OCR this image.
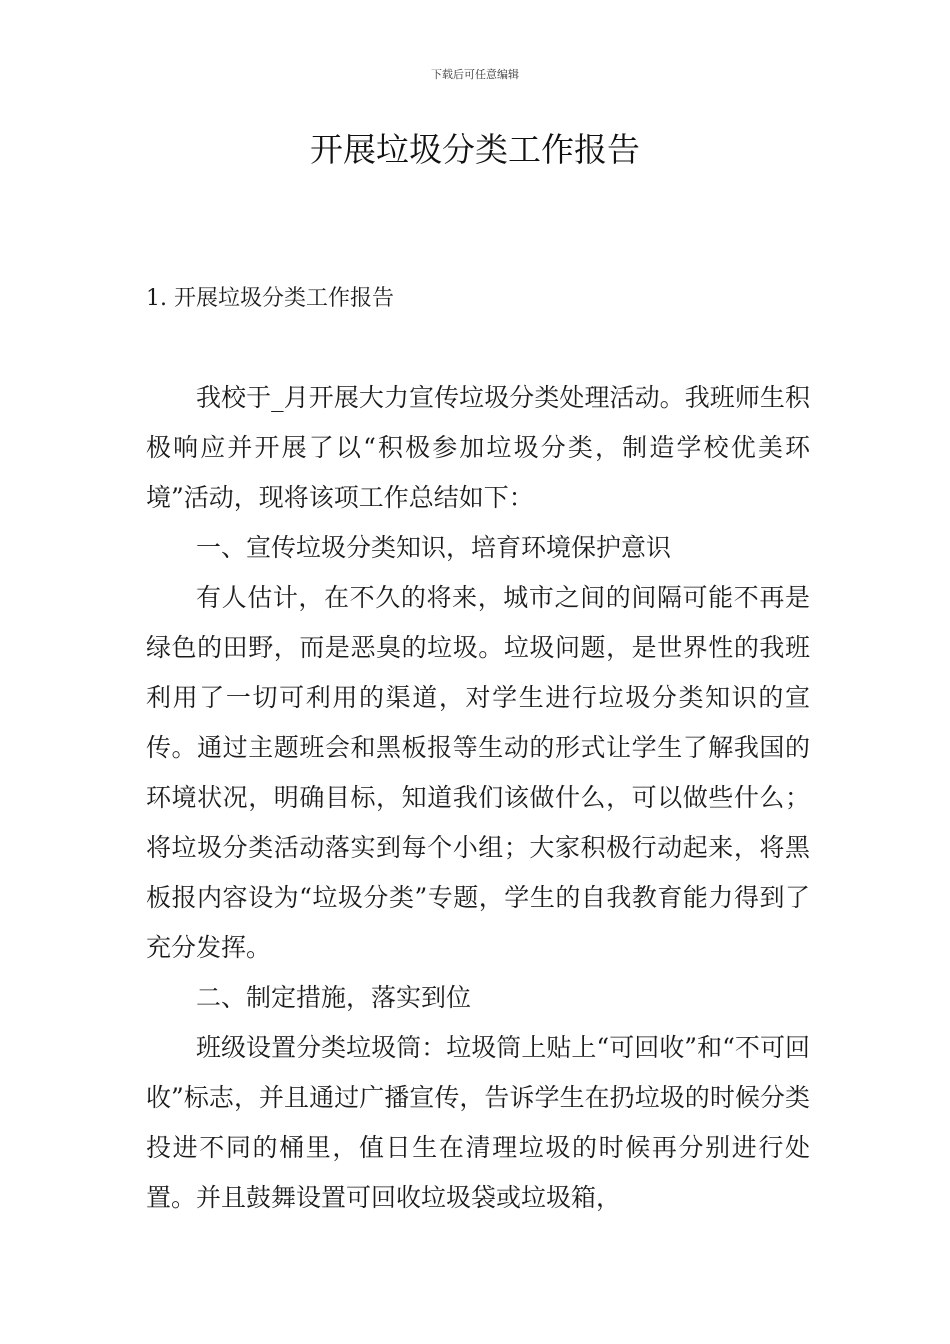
下载后可任意编辑
开展垃圾分类工作报告
1. 开展垃圾分类工作报告

我校于_月开展大力宣传垃圾分类处理活动。我班师生积极响应并开展了以“积极参加垃圾分类，制造学校优美环境”活动，现将该项工作总结如下：

一、宣传垃圾分类知识，培育环境保护意识

有人估计，在不久的将来，城市之间的间隔可能不再是绿色的田野，而是恶臭的垃圾。垃圾问题，是世界性的我班利用了一切可利用的渠道，对学生进行垃圾分类知识的宣传。通过主题班会和黑板报等生动的形式让学生了解我国的环境状况，明确目标，知道我们该做什么，可以做些什么；将垃圾分类活动落实到每个小组；大家积极行动起来，将黑板报内容设为“垃圾分类”专题，学生的自我教育能力得到了充分发挥。

二、制定措施，落实到位

班级设置分类垃圾筒：垃圾筒上贴上“可回收”和“不可回收”标志，并且通过广播宣传，告诉学生在扔垃圾的时候分类投进不同的桶里，值日生在清理垃圾的时候再分别进行处置。并且鼓舞设置可回收垃圾袋或垃圾箱，
